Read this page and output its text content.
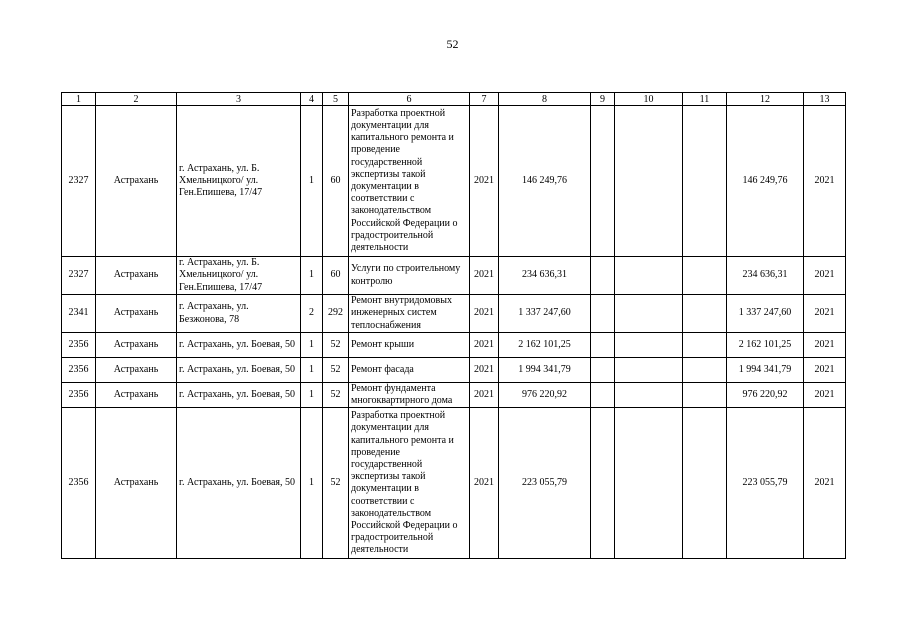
52
1	2	3	4	5	6	7	8	9	10	11	12	13
2327	Астрахань	г. Астрахань, ул. Б. Хмельницкого/ ул. Ген.Епишева, 17/47	1	60	Разработка проектной документации для капитального ремонта и проведение государственной экспертизы такой документации в соответствии с законодательством Российской Федерации о градостроительной деятельности	2021	146 249,76				146 249,76	2021
2327	Астрахань	г. Астрахань, ул. Б. Хмельницкого/ ул. Ген.Епишева, 17/47	1	60	Услуги по строительному контролю	2021	234 636,31				234 636,31	2021
2341	Астрахань	г. Астрахань, ул. Безжонова, 78	2	292	Ремонт внутридомовых инженерных систем теплоснабжения	2021	1 337 247,60				1 337 247,60	2021
2356	Астрахань	г. Астрахань, ул. Боевая, 50	1	52	Ремонт крыши	2021	2 162 101,25				2 162 101,25	2021
2356	Астрахань	г. Астрахань, ул. Боевая, 50	1	52	Ремонт фасада	2021	1 994 341,79				1 994 341,79	2021
2356	Астрахань	г. Астрахань, ул. Боевая, 50	1	52	Ремонт фундамента многоквартирного дома	2021	976 220,92				976 220,92	2021
2356	Астрахань	г. Астрахань, ул. Боевая, 50	1	52	Разработка проектной документации для капитального ремонта и проведение государственной экспертизы такой документации в соответствии с законодательством Российской Федерации о градостроительной деятельности	2021	223 055,79				223 055,79	2021
